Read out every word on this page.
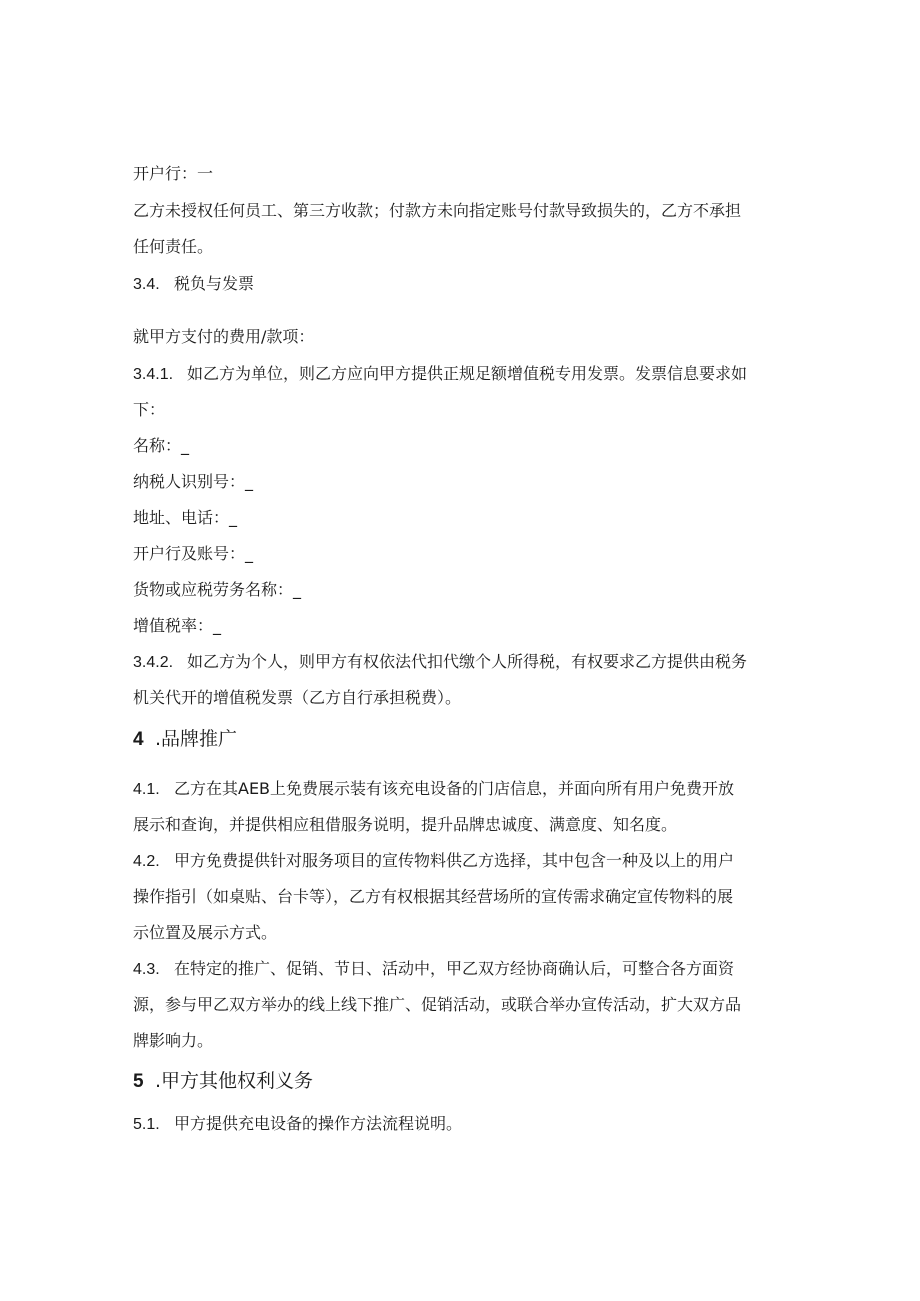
开户行：一
乙方未授权任何员工、第三方收款；付款方未向指定账号付款导致损失的，乙方不承担
任何责任。
3.4. 税负与发票
就甲方支付的费用/款项：
3.4.1. 如乙方为单位，则乙方应向甲方提供正规足额增值税专用发票。发票信息要求如
下：
名称：_
纳税人识别号：_
地址、电话：_
开户行及账号：_
货物或应税劳务名称：_
增值税率：_
3.4.2. 如乙方为个人，则甲方有权依法代扣代缴个人所得税，有权要求乙方提供由税务
机关代开的增值税发票（乙方自行承担税费）。
4 .品牌推广
4.1. 乙方在其AEB上免费展示装有该充电设备的门店信息，并面向所有用户免费开放
展示和查询，并提供相应租借服务说明，提升品牌忠诚度、满意度、知名度。
4.2. 甲方免费提供针对服务项目的宣传物料供乙方选择，其中包含一种及以上的用户
操作指引（如桌贴、台卡等），乙方有权根据其经营场所的宣传需求确定宣传物料的展
示位置及展示方式。
4.3. 在特定的推广、促销、节日、活动中，甲乙双方经协商确认后，可整合各方面资
源，参与甲乙双方举办的线上线下推广、促销活动，或联合举办宣传活动，扩大双方品
牌影响力。
5 .甲方其他权利义务
5.1. 甲方提供充电设备的操作方法流程说明。
